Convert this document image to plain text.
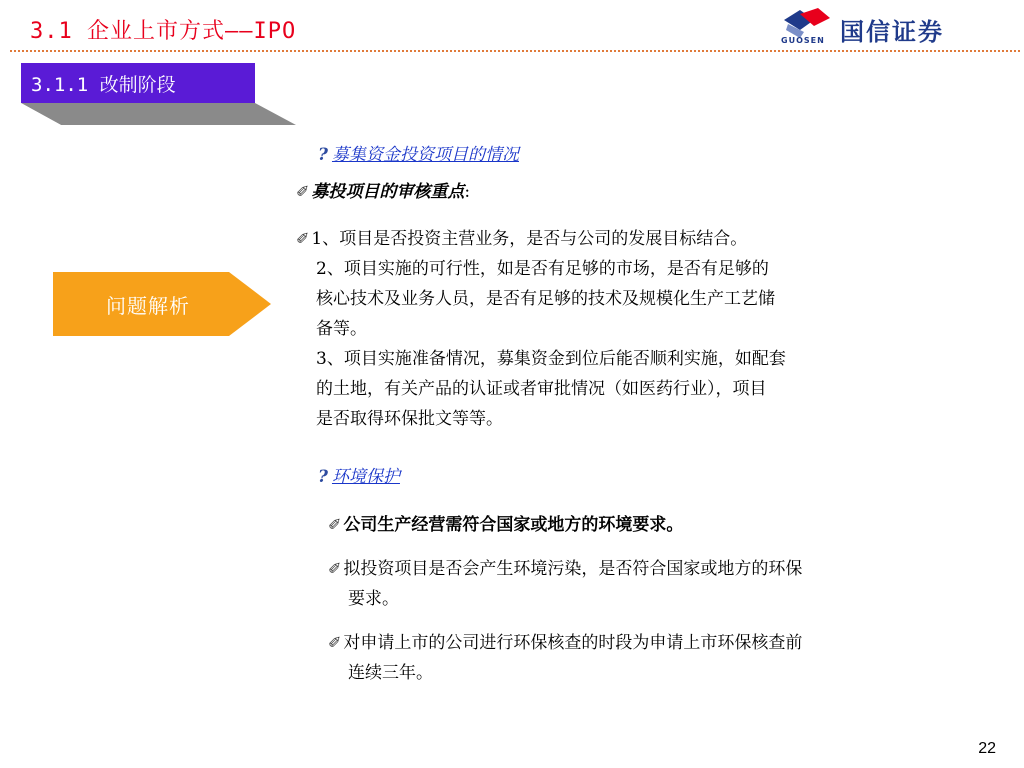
3.1 企业上市方式——IPO	国信证券
GUOSEN
3.1.1 改制阶段
问题解析
? 募集资金投资项目的情况
✐ 募投项目的审核重点:
✐ 1、项目是否投资主营业务，是否与公司的发展目标结合。
2、项目实施的可行性，如是否有足够的市场，是否有足够的
核心技术及业务人员，是否有足够的技术及规模化生产工艺储
备等。
3、项目实施准备情况，募集资金到位后能否顺利实施，如配套
的土地，有关产品的认证或者审批情况（如医药行业），项目
是否取得环保批文等等。
? 环境保护
✐ 公司生产经营需符合国家或地方的环境要求。
✐ 拟投资项目是否会产生环境污染，是否符合国家或地方的环保
要求。
✐ 对申请上市的公司进行环保核查的时段为申请上市环保核查前
连续三年。
22
